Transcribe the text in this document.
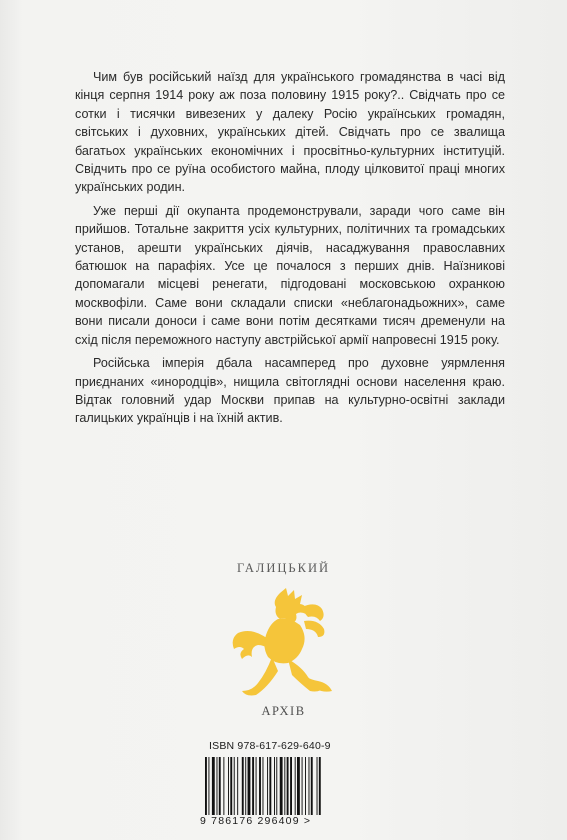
Чим був російський наїзд для українського громадянства в часі від кінця серпня 1914 року аж поза половину 1915 року?.. Свідчать про се сотки і тисячки вивезених у далеку Росію українських громадян, світських і духовних, українських дітей. Свідчать про се звалища багатьох українських економічних і просвітньо-культурних інституцій. Свідчить про се руїна особистого майна, плоду цілковитої праці многих українських родин.

Уже перші дії окупанта продемонстрували, заради чого саме він прийшов. Тотальне закриття усіх культурних, політичних та громадських установ, арешти українських діячів, насаджування православних батюшок на парафіях. Усе це почалося з перших днів. Наїзникові допомагали місцеві ренегати, підгодовані московською охранкою москвофіли. Саме вони складали списки «неблагонадьожних», саме вони писали доноси і саме вони потім десятками тисяч дременули на схід після переможного наступу австрійської армії напровесні 1915 року.

Російська імперія дбала насамперед про духовне уярмлення приєднаних «инородців», нищила світоглядні основи населення краю. Відтак головний удар Москви припав на культурно-освітні заклади галицьких українців і на їхній актив.

ГАЛИЦЬКИЙ
АРХІВ
ISBN 978-617-629-640-9
9 786176 296409 >
